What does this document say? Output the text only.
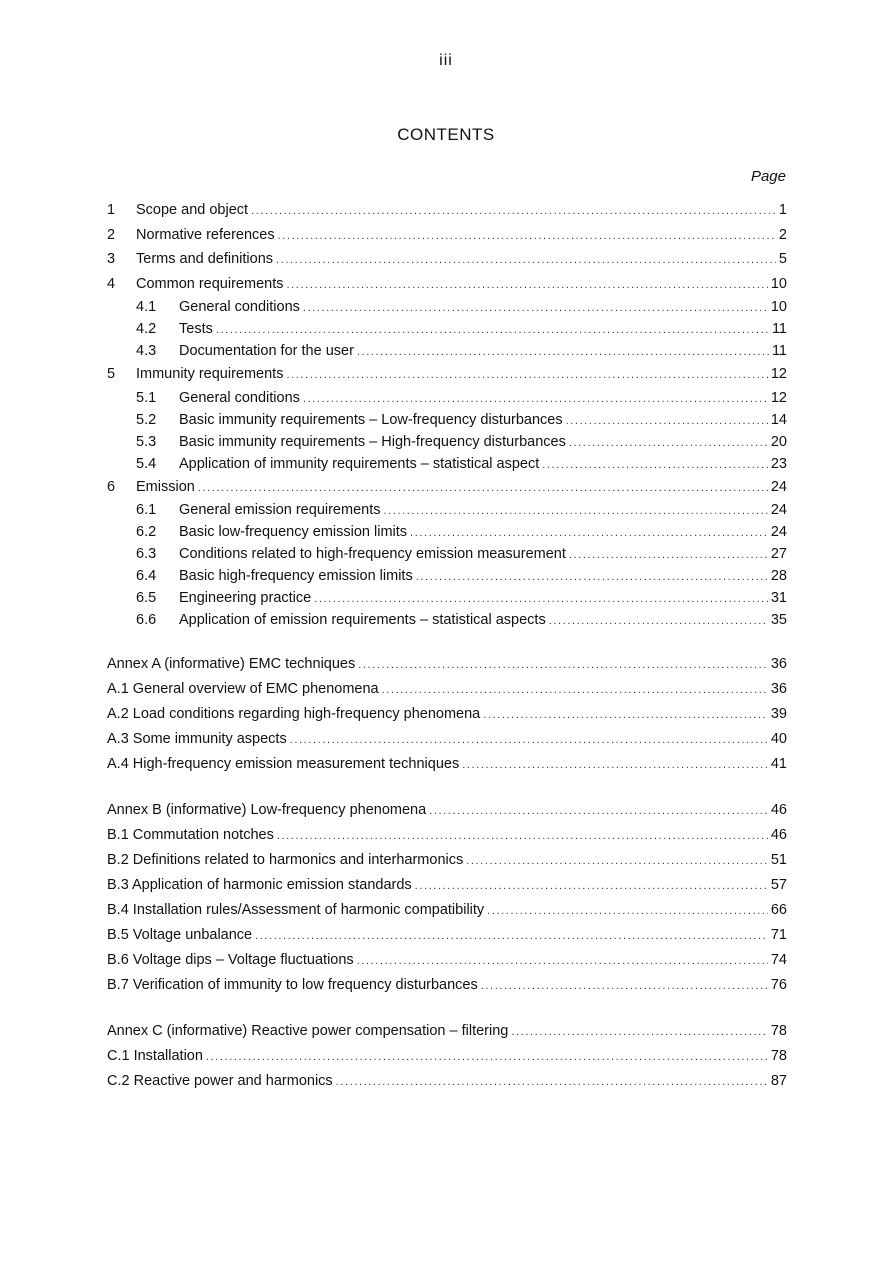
iii
CONTENTS
Page
1	Scope and object .....	1
2	Normative references .....	2
3	Terms and definitions .....	5
4	Common requirements .....	10
4.1	General conditions .....	10
4.2	Tests .....	11
4.3	Documentation for the user .....	11
5	Immunity requirements .....	12
5.1	General conditions .....	12
5.2	Basic immunity requirements – Low-frequency disturbances .....	14
5.3	Basic immunity requirements – High-frequency disturbances .....	20
5.4	Application of immunity requirements – statistical aspect .....	23
6	Emission .....	24
6.1	General emission requirements .....	24
6.2	Basic low-frequency emission limits .....	24
6.3	Conditions related to high-frequency emission measurement .....	27
6.4	Basic high-frequency emission limits .....	28
6.5	Engineering practice .....	31
6.6	Application of emission requirements – statistical aspects .....	35
Annex A (informative) EMC techniques .....	36
A.1 General overview of EMC phenomena .....	36
A.2 Load conditions regarding high-frequency phenomena .....	39
A.3 Some immunity aspects .....	40
A.4 High-frequency emission measurement techniques .....	41
Annex B (informative) Low-frequency phenomena .....	46
B.1 Commutation notches .....	46
B.2 Definitions related to harmonics and interharmonics .....	51
B.3 Application of harmonic emission standards .....	57
B.4 Installation rules/Assessment of harmonic compatibility .....	66
B.5 Voltage unbalance .....	71
B.6 Voltage dips – Voltage fluctuations .....	74
B.7 Verification of immunity to low frequency disturbances .....	76
Annex C (informative) Reactive power compensation – filtering .....	78
C.1 Installation .....	78
C.2 Reactive power and harmonics .....	87
